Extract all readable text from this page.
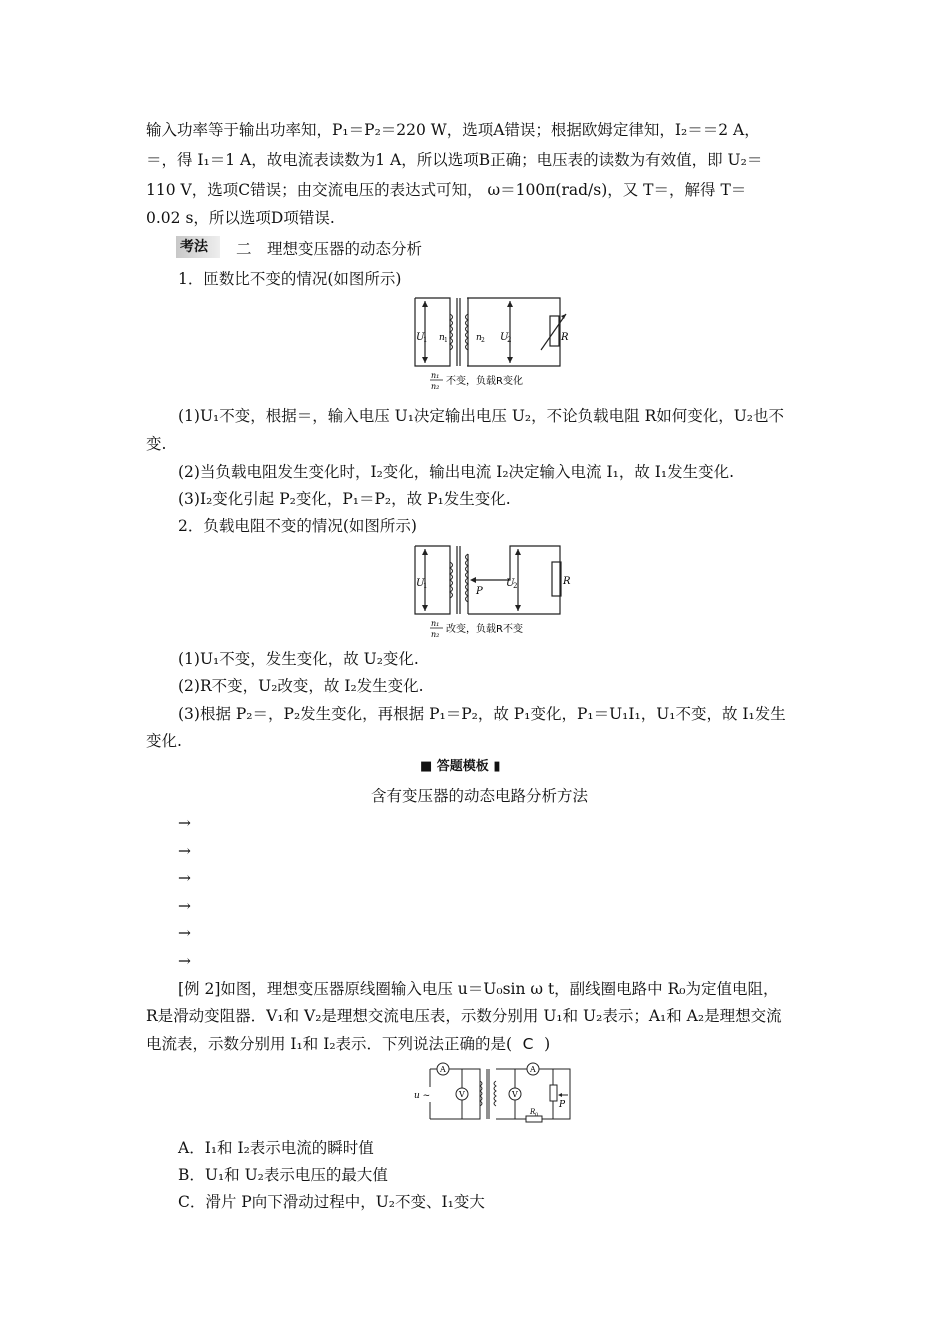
输入功率等于输出功率知，P₁＝P₂＝220 W，选项A错误；根据欧姆定律知，I₂＝＝2 A，
＝，得 I₁＝1 A，故电流表读数为1 A，所以选项B正确；电压表的读数为有效值，即 U₂＝
110 V，选项C错误；由交流电压的表达式可知， ω＝100π(rad/s)，又 T＝，解得 T＝
0.02 s，所以选项D项错误.
考法	二　理想变压器的动态分析
1．匝数比不变的情况(如图所示)
U
1 n 1	n 2 U
2	R
n₁
n₂ 不变，负载R变化
(1)U₁不变，根据＝，输入电压 U₁决定输出电压 U₂，不论负载电阻 R如何变化，U₂也不
变.
(2)当负载电阻发生变化时，I₂变化，输出电流 I₂决定输入电流 I₁，故 I₁发生变化.
(3)I₂变化引起 P₂变化，P₁＝P₂，故 P₁发生变化.
2．负载电阻不变的情况(如图所示)
U
1	P
U
2	R
n₁
n₂ 改变，负载R不变
(1)U₁不变，发生变化，故 U₂变化.
(2)R不变，U₂改变，故 I₂发生变化.
(3)根据 P₂＝，P₂发生变化，再根据 P₁＝P₂，故 P₁变化，P₁＝U₁I₁，U₁不变，故 I₁发生
变化.
■ 答题模板 ▮
含有变压器的动态电路分析方法
→
→
→
→
→
→
[例 2]如图，理想变压器原线圈输入电压 u＝U₀sin ω t，副线圈电路中 R₀为定值电阻，
R是滑动变阻器．V₁和 V₂是理想交流电压表，示数分别用 U₁和 U₂表示；A₁和 A₂是理想交流
电流表，示数分别用 I₁和 I₂表示．下列说法正确的是( C )
A
V	V
A
u ~
P
R 0
A．I₁和 I₂表示电流的瞬时值
B．U₁和 U₂表示电压的最大值
C．滑片 P向下滑动过程中，U₂不变、I₁变大
